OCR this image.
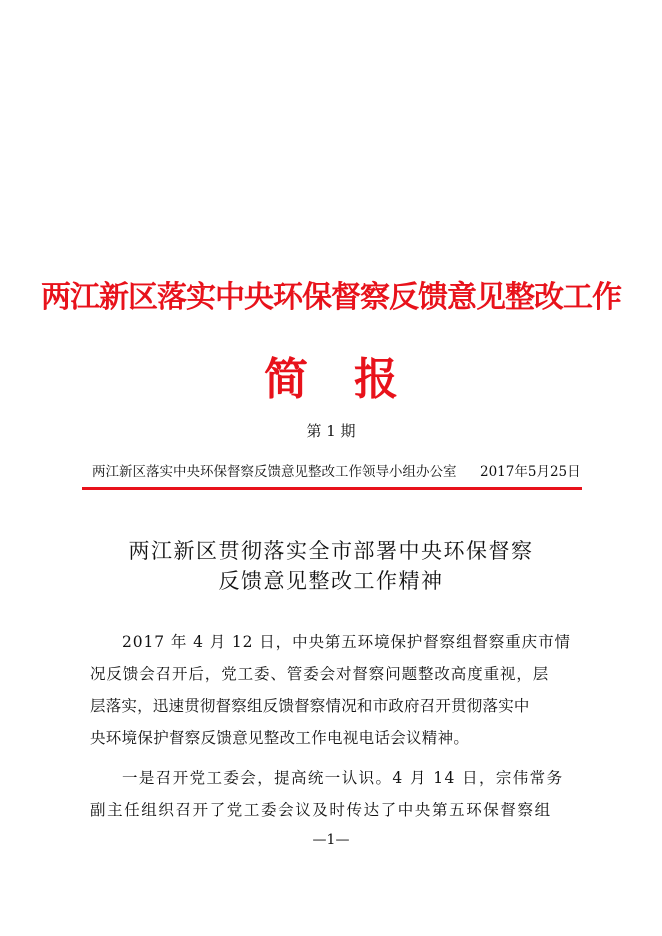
两江新区落实中央环保督察反馈意见整改工作
简报
第 1 期
两江新区落实中央环保督察反馈意见整改工作领导小组办公室 2017年5月25日
两江新区贯彻落实全市部署中央环保督察
反馈意见整改工作精神
2017 年 4 月 12 日，中央第五环境保护督察组督察重庆市情
况反馈会召开后，党工委、管委会对督察问题整改高度重视，层
层落实，迅速贯彻督察组反馈督察情况和市政府召开贯彻落实中
央环境保护督察反馈意见整改工作电视电话会议精神。
一是召开党工委会，提高统一认识。4 月 14 日，宗伟常务
副主任组织召开了党工委会议及时传达了中央第五环保督察组
—1—
